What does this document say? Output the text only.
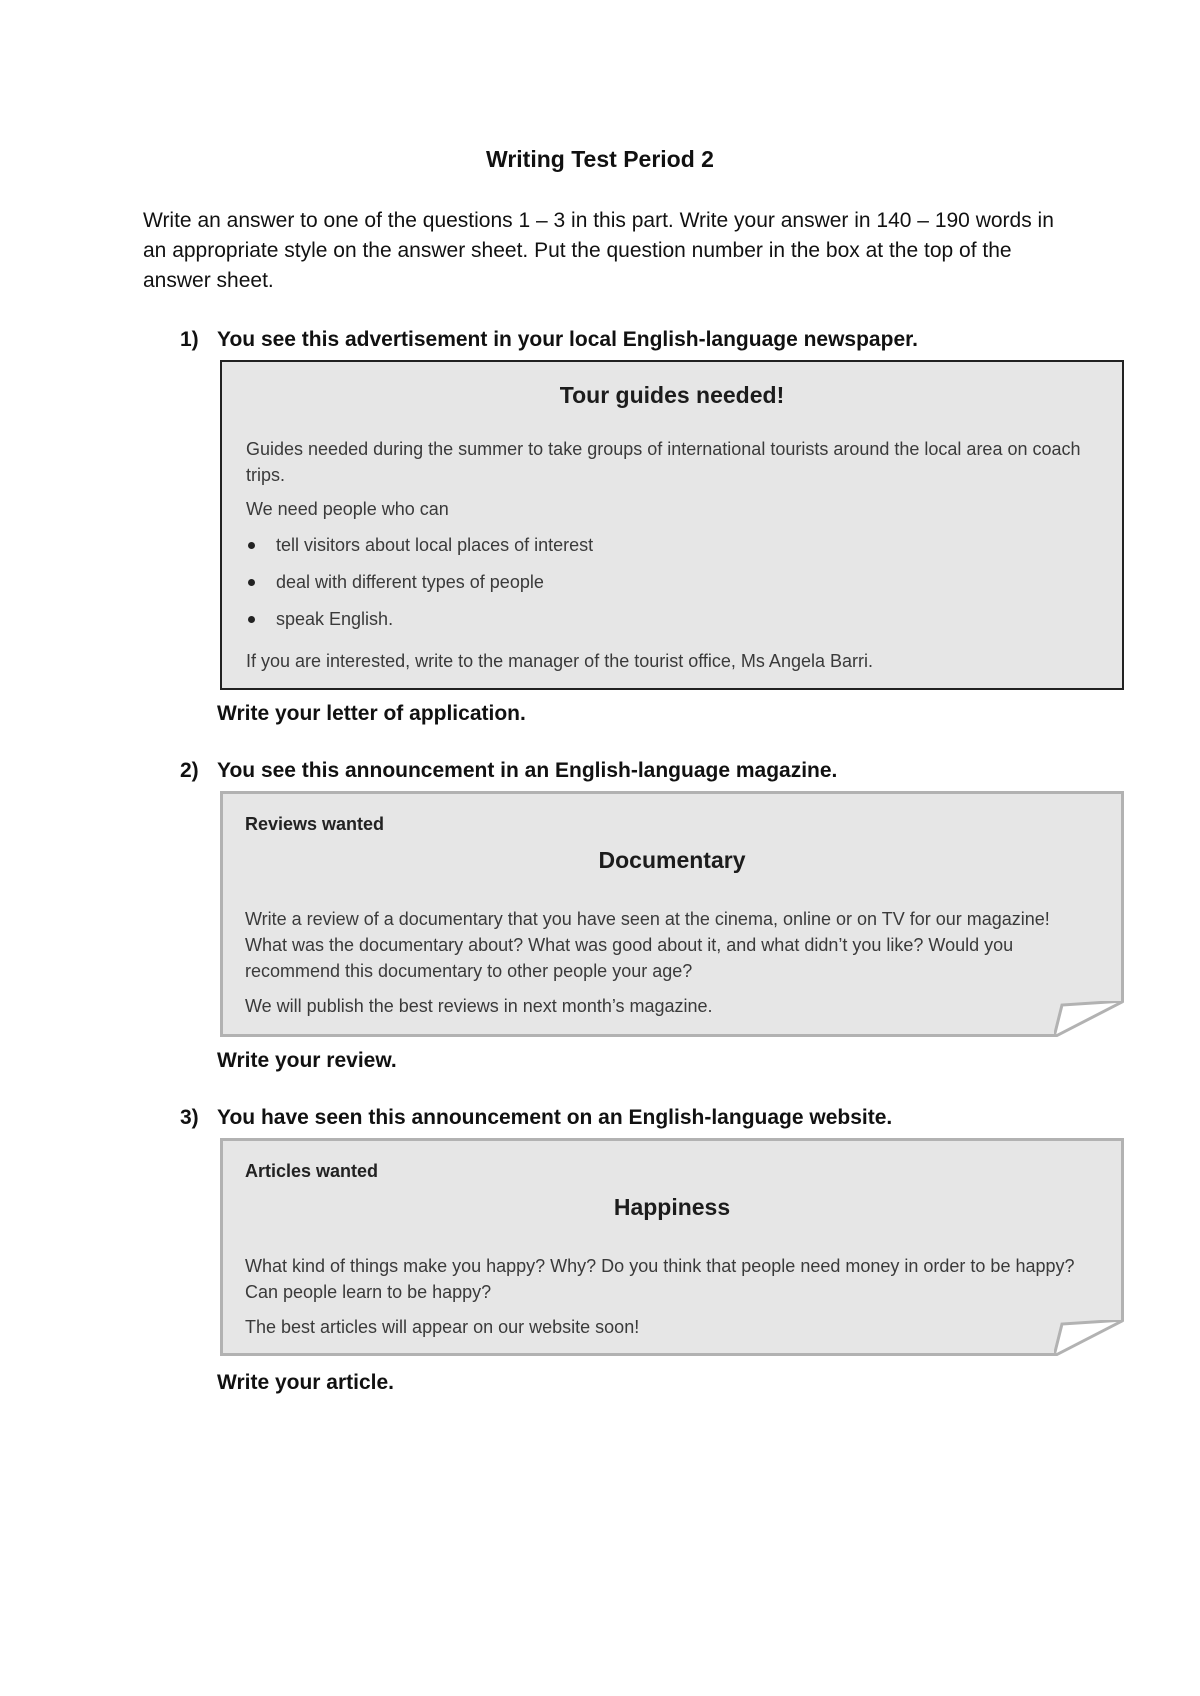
Writing Test Period 2

Write an answer to one of the questions 1 – 3 in this part. Write your answer in 140 – 190 words in an appropriate style on the answer sheet. Put the question number in the box at the top of the answer sheet.

1) You see this advertisement in your local English-language newspaper.

Tour guides needed!

Guides needed during the summer to take groups of international tourists around the local area on coach trips.

We need people who can

tell visitors about local places of interest
deal with different types of people
speak English.

If you are interested, write to the manager of the tourist office, Ms Angela Barri.

Write your letter of application.

2) You see this announcement in an English-language magazine.

Reviews wanted

Documentary

Write a review of a documentary that you have seen at the cinema, online or on TV for our magazine! What was the documentary about? What was good about it, and what didn’t you like? Would you recommend this documentary to other people your age?

We will publish the best reviews in next month’s magazine.

Write your review.

3) You have seen this announcement on an English-language website.

Articles wanted

Happiness

What kind of things make you happy? Why? Do you think that people need money in order to be happy? Can people learn to be happy?

The best articles will appear on our website soon!

Write your article.
